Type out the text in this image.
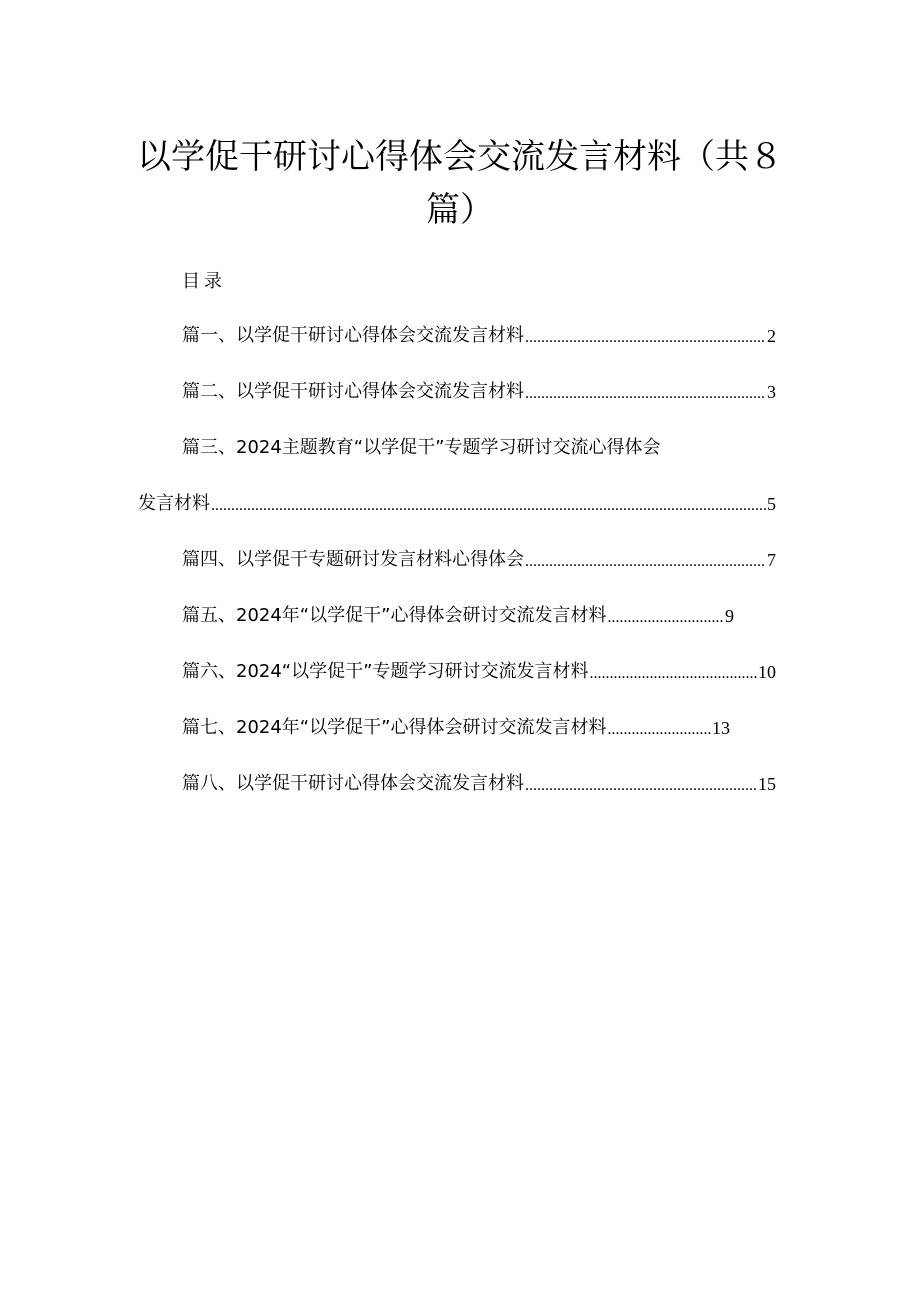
以学促干研讨心得体会交流发言材料（共８
篇）
目录
篇一、以学促干研讨心得体会交流发言材料 .....	2
篇二、以学促干研讨心得体会交流发言材料 .....	3
篇三、2024主题教育“以学促干”专题学习研讨交流心得体会
发言材料 .....	5
篇四、以学促干专题研讨发言材料心得体会 .....	7
篇五、2024年“以学促干”心得体会研讨交流发言材料 .....	9
篇六、2024“以学促干”专题学习研讨交流发言材料 .....	10
篇七、2024年“以学促干”心得体会研讨交流发言材料 .....	13
篇八、以学促干研讨心得体会交流发言材料 .....	15
